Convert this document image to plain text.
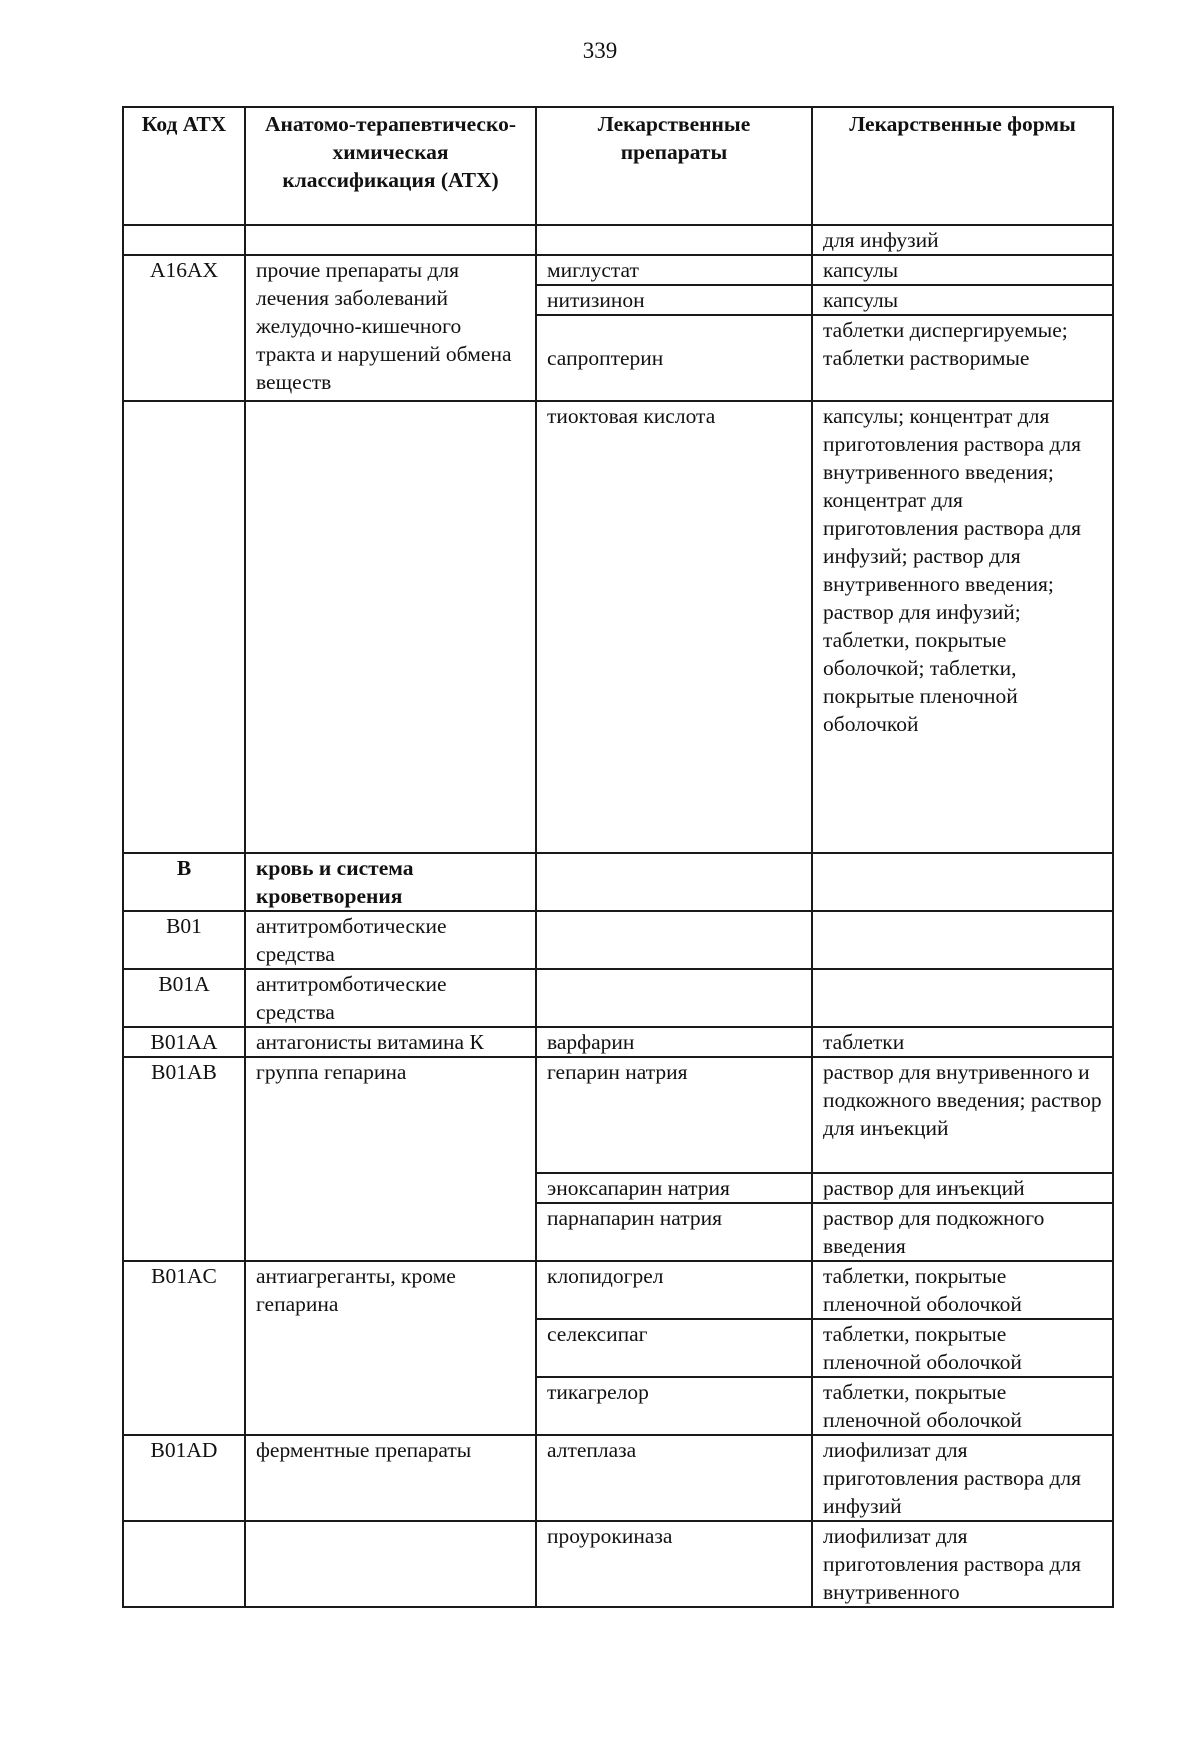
339
Код АТХ	Анатомо-терапевтическо-химическая классификация (АТХ)	Лекарственные препараты	Лекарственные формы
			для инфузий
A16AX	прочие препараты для лечения заболеваний желудочно-кишечного тракта и нарушений обмена веществ	миглустат	капсулы
		нитизинон	капсулы
		сапроптерин	таблетки диспергируемые; таблетки растворимые
		тиоктовая кислота	капсулы; концентрат для приготовления раствора для внутривенного введения; концентрат для приготовления раствора для инфузий; раствор для внутривенного введения; раствор для инфузий; таблетки, покрытые оболочкой; таблетки, покрытые пленочной оболочкой
B	кровь и система кроветворения		
B01	антитромботические средства		
B01A	антитромботические средства		
B01AA	антагонисты витамина К	варфарин	таблетки
B01AB	группа гепарина	гепарин натрия	раствор для внутривенного и подкожного введения; раствор для инъекций
		эноксапарин натрия	раствор для инъекций
		парнапарин натрия	раствор для подкожного введения
B01AC	антиагреганты, кроме гепарина	клопидогрел	таблетки, покрытые пленочной оболочкой
		селексипаг	таблетки, покрытые пленочной оболочкой
		тикагрелор	таблетки, покрытые пленочной оболочкой
B01AD	ферментные препараты	алтеплаза	лиофилизат для приготовления раствора для инфузий
		проурокиназа	лиофилизат для приготовления раствора для внутривенного
